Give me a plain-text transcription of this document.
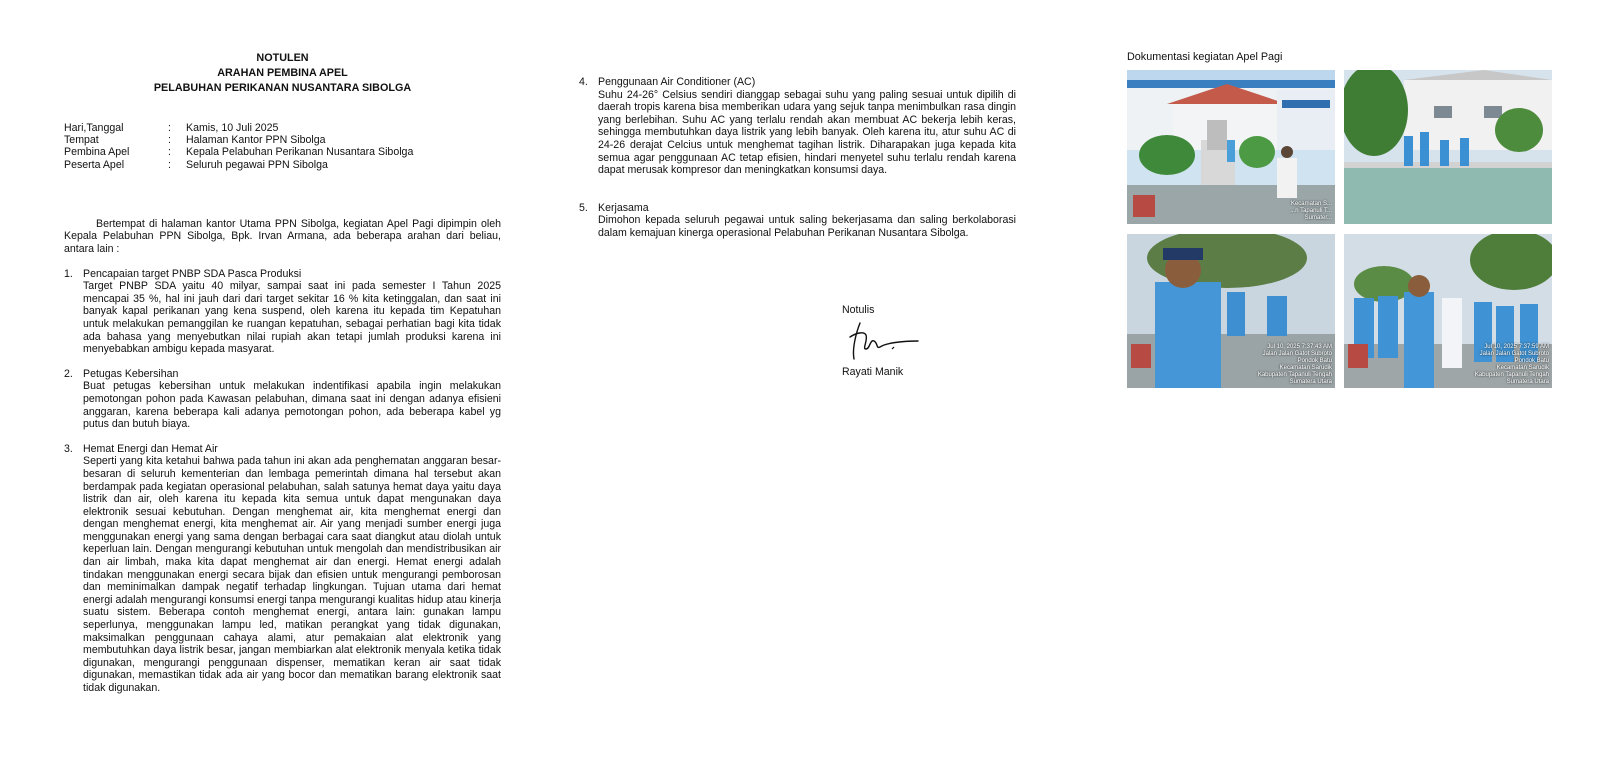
NOTULEN
ARAHAN PEMBINA APEL
PELABUHAN PERIKANAN NUSANTARA SIBOLGA
Hari,Tanggal	:	Kamis, 10 Juli 2025
Tempat	:	Halaman Kantor PPN Sibolga
Pembina Apel	:	Kepala Pelabuhan Perikanan Nusantara Sibolga
Peserta Apel	:	Seluruh pegawai PPN Sibolga
Bertempat di halaman kantor Utama PPN Sibolga, kegiatan Apel Pagi dipimpin oleh Kepala Pelabuhan PPN Sibolga, Bpk. Irvan Armana, ada beberapa arahan dari beliau, antara lain :
1. Pencapaian target PNBP SDA Pasca Produksi
Target PNBP SDA yaitu 40 milyar, sampai saat ini pada semester I Tahun 2025 mencapai 35 %, hal ini jauh dari dari target sekitar 16 % kita ketinggalan, dan saat ini banyak kapal perikanan yang kena suspend, oleh karena itu kepada tim Kepatuhan untuk melakukan pemanggilan ke ruangan kepatuhan, sebagai perhatian bagi kita tidak ada bahasa yang menyebutkan nilai rupiah akan tetapi jumlah produksi karena ini menyebabkan ambigu kepada masyarat.
2. Petugas Kebersihan
Buat petugas kebersihan untuk melakukan indentifikasi apabila ingin melakukan pemotongan pohon pada Kawasan pelabuhan, dimana saat ini dengan adanya efisieni anggaran, karena beberapa kali adanya pemotongan pohon, ada beberapa kabel yg putus dan butuh biaya.
3. Hemat Energi dan Hemat Air
Seperti yang kita ketahui bahwa pada tahun ini akan ada penghematan anggaran besar-besaran di seluruh kementerian dan lembaga pemerintah dimana hal tersebut akan berdampak pada kegiatan operasional pelabuhan, salah satunya hemat daya yaitu daya listrik dan air, oleh karena itu kepada kita semua untuk dapat mengunakan daya elektronik sesuai kebutuhan. Dengan menghemat air, kita menghemat energi dan dengan menghemat energi, kita menghemat air. Air yang menjadi sumber energi juga menggunakan energi yang sama dengan berbagai cara saat diangkut atau diolah untuk keperluan lain. Dengan mengurangi kebutuhan untuk mengolah dan mendistribusikan air dan air limbah, maka kita dapat menghemat air dan energi. Hemat energi adalah tindakan menggunakan energi secara bijak dan efisien untuk mengurangi pemborosan dan meminimalkan dampak negatif terhadap lingkungan. Tujuan utama dari hemat energi adalah mengurangi konsumsi energi tanpa mengurangi kualitas hidup atau kinerja suatu sistem. Beberapa contoh menghemat energi, antara lain: gunakan lampu seperlunya, menggunakan lampu led, matikan perangkat yang tidak digunakan, maksimalkan penggunaan cahaya alami, atur pemakaian alat elektronik yang membutuhkan daya listrik besar, jangan membiarkan alat elektronik menyala ketika tidak digunakan, mengurangi penggunaan dispenser, mematikan keran air saat tidak digunakan, memastikan tidak ada air yang bocor dan mematikan barang elektronik saat tidak digunakan.
4. Penggunaan Air Conditioner (AC)
Suhu 24-26° Celsius sendiri dianggap sebagai suhu yang paling sesuai untuk dipilih di daerah tropis karena bisa memberikan udara yang sejuk tanpa menimbulkan rasa dingin yang berlebihan. Suhu AC yang terlalu rendah akan membuat AC bekerja lebih keras, sehingga membutuhkan daya listrik yang lebih banyak. Oleh karena itu, atur suhu AC di 24-26 derajat Celcius untuk menghemat tagihan listrik. Diharapakan juga kepada kita semua agar penggunaan AC tetap efisien, hindari menyetel suhu terlalu rendah karena dapat merusak kompresor dan meningkatkan konsumsi daya.
5. Kerjasama
Dimohon kepada seluruh pegawai untuk saling bekerjasama dan saling berkolaborasi dalam kemajuan kinerga operasional Pelabuhan Perikanan Nusantara Sibolga.
Notulis
Rayati Manik
Dokumentasi kegiatan Apel Pagi
Kecamatan S...
...n Tapanuli T...
Sumater...
Jul 10, 2025 7:37:43 AM
Jalan Jalan Gatot Subroto
Pondok Batu
Kecamatan Sarudik
Kabupaten Tapanuli Tengah
Sumatera Utara
Jul 10, 2025 7:37:59 AM
Jalan Jalan Gatot Subroto
Pondok Batu
Kecamatan Sarudik
Kabupaten Tapanuli Tengah
Sumatera Utara
